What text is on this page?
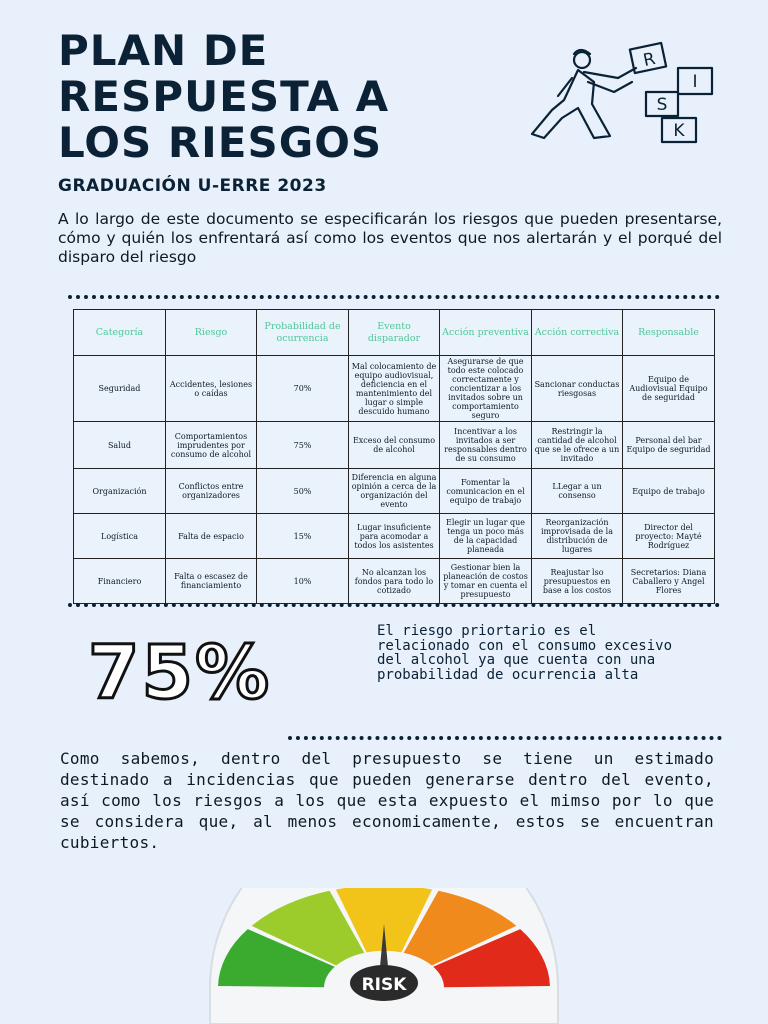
PLAN DE
RESPUESTA A
LOS RIESGOS
R
I
S
K
GRADUACIÓN U-ERRE 2023
A lo largo de este documento se especificarán los riesgos que pueden presentarse, cómo y quién los enfrentará así como los eventos que nos alertarán y el porqué del disparo del riesgo
Categoría	Riesgo	Probabilidad de ocurrencia	Evento disparador	Acción preventiva	Acción correctiva	Responsable
Seguridad	Accidentes, lesiones o caídas	70%	Mal colocamiento de equipo audiovisual, deficiencia en el mantenimiento del lugar o simple descuido humano	Asegurarse de que todo este colocado correctamente y concientizar a los invitados sobre un comportamiento seguro	Sancionar conductas riesgosas	Equipo de Audiovisual Equipo de seguridad
Salud	Comportamientos imprudentes por consumo de alcohol	75%	Exceso del consumo de alcohol	Incentivar a los invitados a ser responsables dentro de su consumo	Restringir la cantidad de alcohol que se le ofrece a un invitado	Personal del bar Equipo de seguridad
Organización	Conflictos entre organizadores	50%	Diferencia en alguna opinión a cerca de la organización del evento	Fomentar la comunicacion en el equipo de trabajo	LLegar a un consenso	Equipo de trabajo
Logística	Falta de espacio	15%	Lugar insuficiente para acomodar a todos los asistentes	Elegir un lugar que tenga un poco más de la capacidad planeada	Reorganización improvisada de la distribución de lugares	Director del proyecto: Mayté Rodríguez
Financiero	Falta o escasez de financiamiento	10%	No alcanzan los fondos para todo lo cotizado	Gestionar bien la planeación de costos y tomar en cuenta el presupuesto	Reajustar lso presupuestos en base a los costos	Secretarios: Diana Caballero y Angel Flores
75%	El riesgo priortario es el relacionado con el consumo excesivo del alcohol ya que cuenta con una probabilidad de ocurrencia alta
Como sabemos, dentro del presupuesto se tiene un estimado destinado a incidencias que pueden generarse dentro del evento, así como los riesgos a los que esta expuesto el mimso por lo que se considera que, al menos economicamente, estos se encuentran cubiertos.
RISK
